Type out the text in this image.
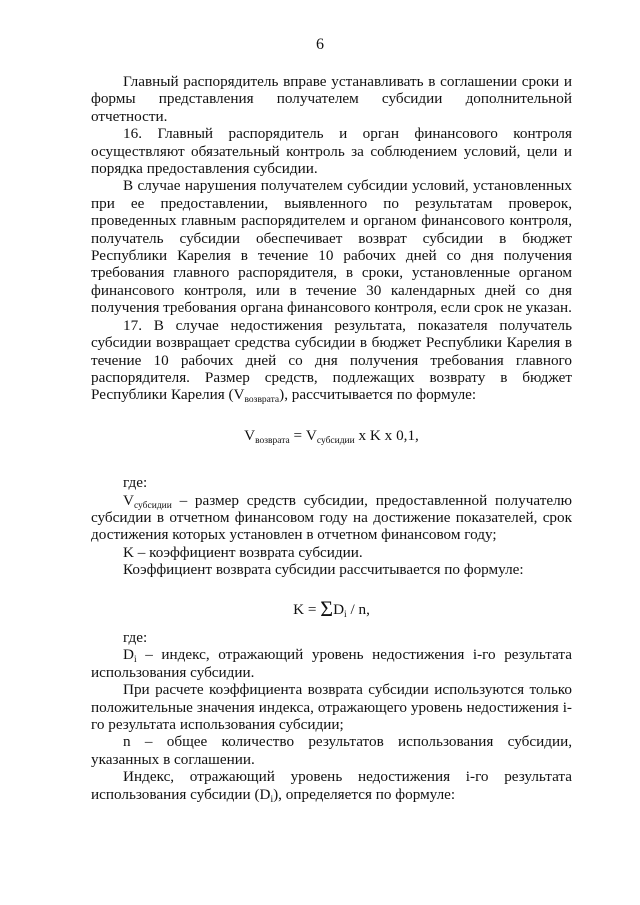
6

Главный распорядитель вправе устанавливать в соглашении сроки и формы представления получателем субсидии дополнительной отчетности.

16. Главный распорядитель и орган финансового контроля осуществляют обязательный контроль за соблюдением условий, цели и порядка предоставления субсидии.

В случае нарушения получателем субсидии условий, установленных при ее предоставлении, выявленного по результатам проверок, проведенных главным распорядителем и органом финансового контроля, получатель субсидии обеспечивает возврат субсидии в бюджет Республики Карелия в течение 10 рабочих дней со дня получения требования главного распорядителя, в сроки, установленные органом финансового контроля, или в течение 30 календарных дней со дня получения требования органа финансового контроля, если срок не указан.

17. В случае недостижения результата, показателя получатель субсидии возвращает средства субсидии в бюджет Республики Карелия в течение 10 рабочих дней со дня получения требования главного распорядителя. Размер средств, подлежащих возврату в бюджет Республики Карелия $(V_{возврата})$, рассчитывается по формуле:

$V_{возврата} = V_{субсидии}$ x K x 0,1,

где:

$V_{субсидии}$ – размер средств субсидии, предоставленной получателю субсидии в отчетном финансовом году на достижение показателей, срок достижения которых установлен в отчетном финансовом году;

K – коэффициент возврата субсидии.

Коэффициент возврата субсидии рассчитывается по формуле:

$K = \Sigma D_i / n$,

где:

$D_i$ – индекс, отражающий уровень недостижения i-го результата использования субсидии.

При расчете коэффициента возврата субсидии используются только положительные значения индекса, отражающего уровень недостижения i-го результата использования субсидии;

n – общее количество результатов использования субсидии, указанных в соглашении.

Индекс, отражающий уровень недостижения i-го результата использования субсидии $(D_i)$, определяется по формуле:
